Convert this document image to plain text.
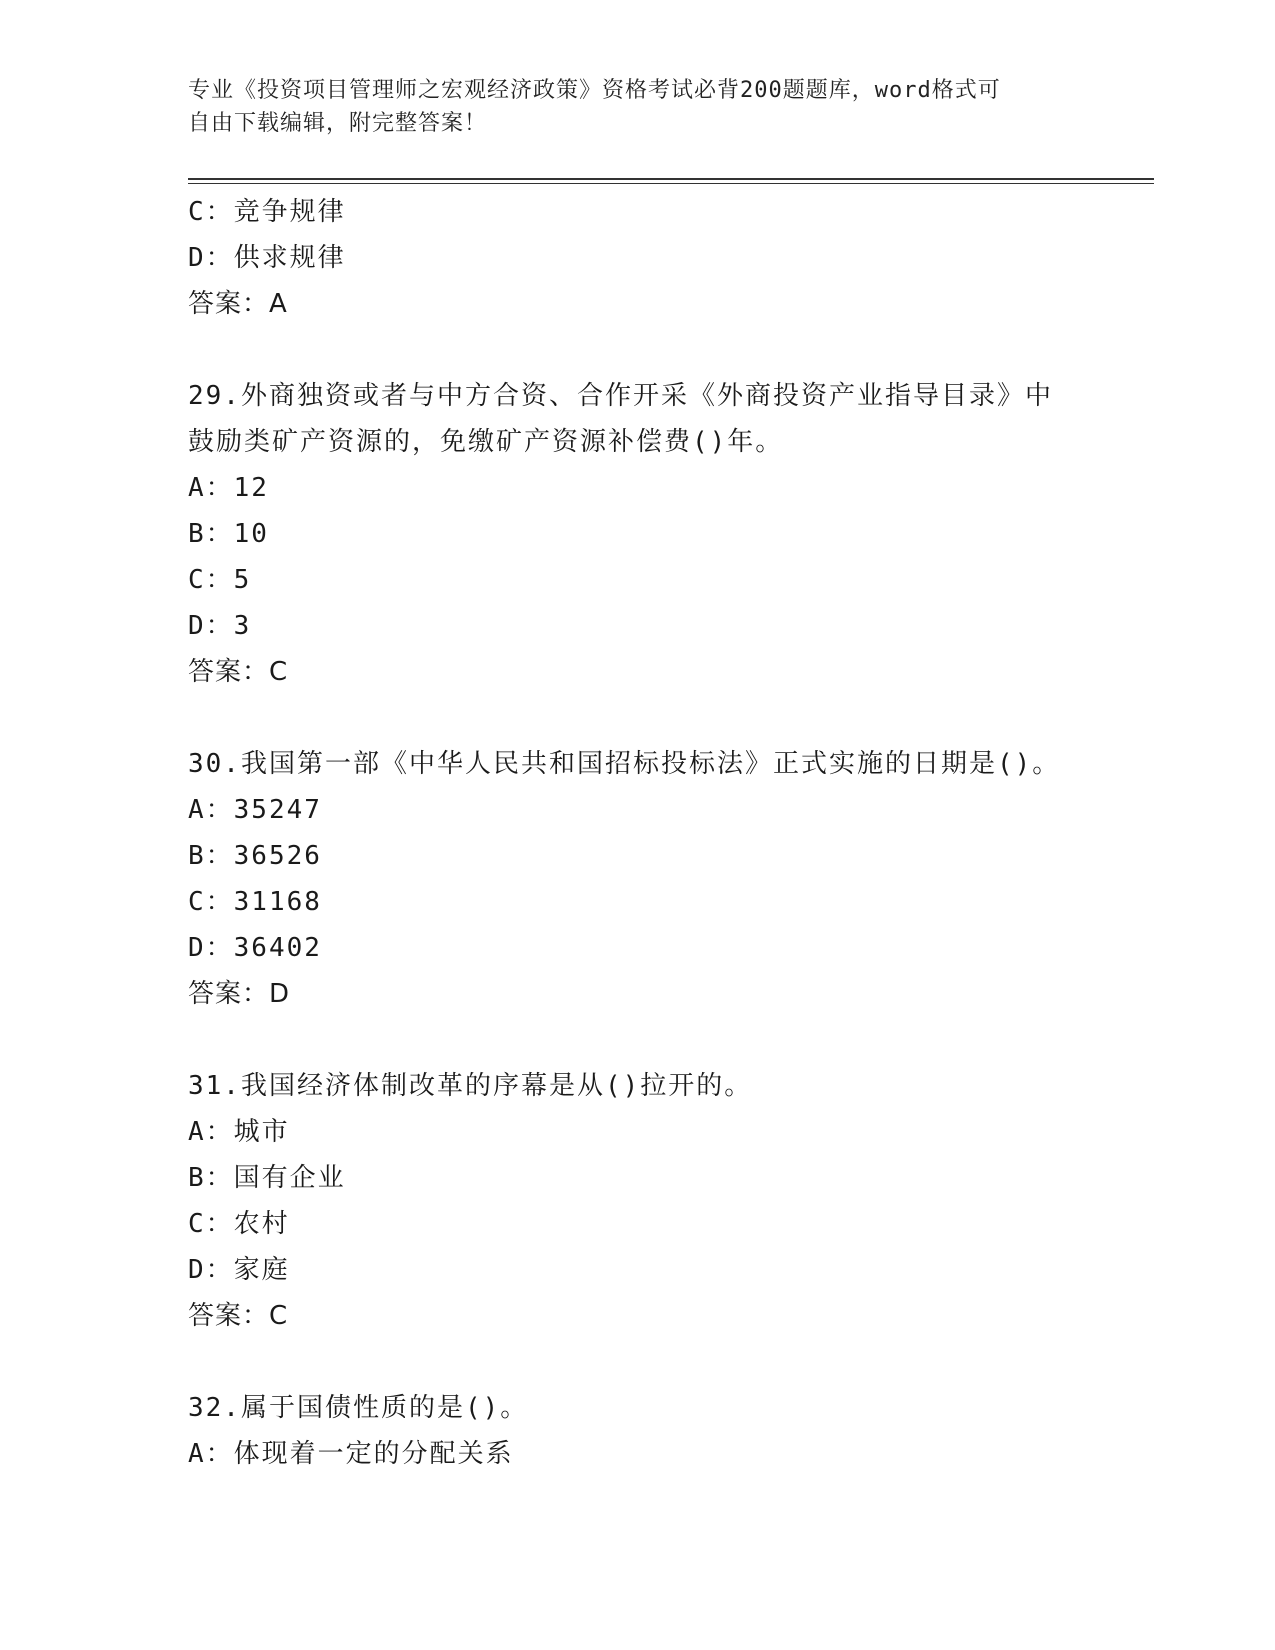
专业《投资项目管理师之宏观经济政策》资格考试必背200题题库，word格式可
自由下载编辑，附完整答案！
C：竞争规律
D：供求规律
答案：A
29.外商独资或者与中方合资、合作开采《外商投资产业指导目录》中
鼓励类矿产资源的，免缴矿产资源补偿费()年。
A：12
B：10
C：5
D：3
答案：C
30.我国第一部《中华人民共和国招标投标法》正式实施的日期是()。
A：35247
B：36526
C：31168
D：36402
答案：D
31.我国经济体制改革的序幕是从()拉开的。
A：城市
B：国有企业
C：农村
D：家庭
答案：C
32.属于国债性质的是()。
A：体现着一定的分配关系
